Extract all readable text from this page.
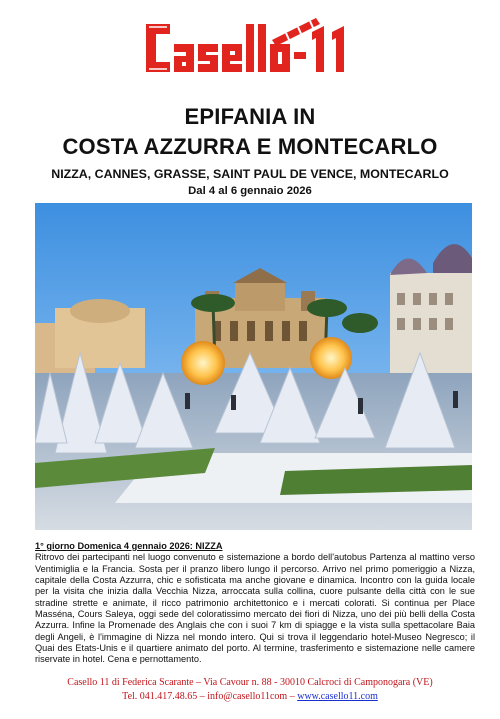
EPIFANIA IN
COSTA AZZURRA E MONTECARLO
NIZZA, CANNES, GRASSE, SAINT PAUL DE VENCE, MONTECARLO
Dal 4 al 6 gennaio 2026
1° giorno Domenica 4 gennaio 2026: NIZZA
Ritrovo dei partecipanti nel luogo convenuto e sistemazione a bordo dell'autobus Partenza al mattino verso Ventimiglia e la Francia. Sosta per il pranzo libero lungo il percorso. Arrivo nel primo pomeriggio a Nizza, capitale della Costa Azzurra, chic e sofisticata ma anche giovane e dinamica. Incontro con la guida locale per la visita che inizia dalla Vecchia Nizza, arroccata sulla collina, cuore pulsante della città con le sue stradine strette e animate, il ricco patrimonio architettonico e i mercati colorati. Si continua per Place Masséna, Cours Saleya, oggi sede del coloratissimo mercato dei fiori di Nizza, uno dei più belli della Costa Azzurra. Infine la Promenade des Anglais che con i suoi 7 km di spiagge e la vista sulla spettacolare Baia degli Angeli, è l'immagine di Nizza nel mondo intero. Qui si trova il leggendario hotel-Museo Negresco; il Quai des Etats-Unis e il quartiere animato del porto. Al termine, trasferimento e sistemazione nelle camere riservate in hotel. Cena e pernottamento.
Casello 11 di Federica Scarante – Via Cavour n. 88 - 30010 Calcroci di Camponogara (VE)
Tel. 041.417.48.65 – info@casello11com – www.casello11.com
